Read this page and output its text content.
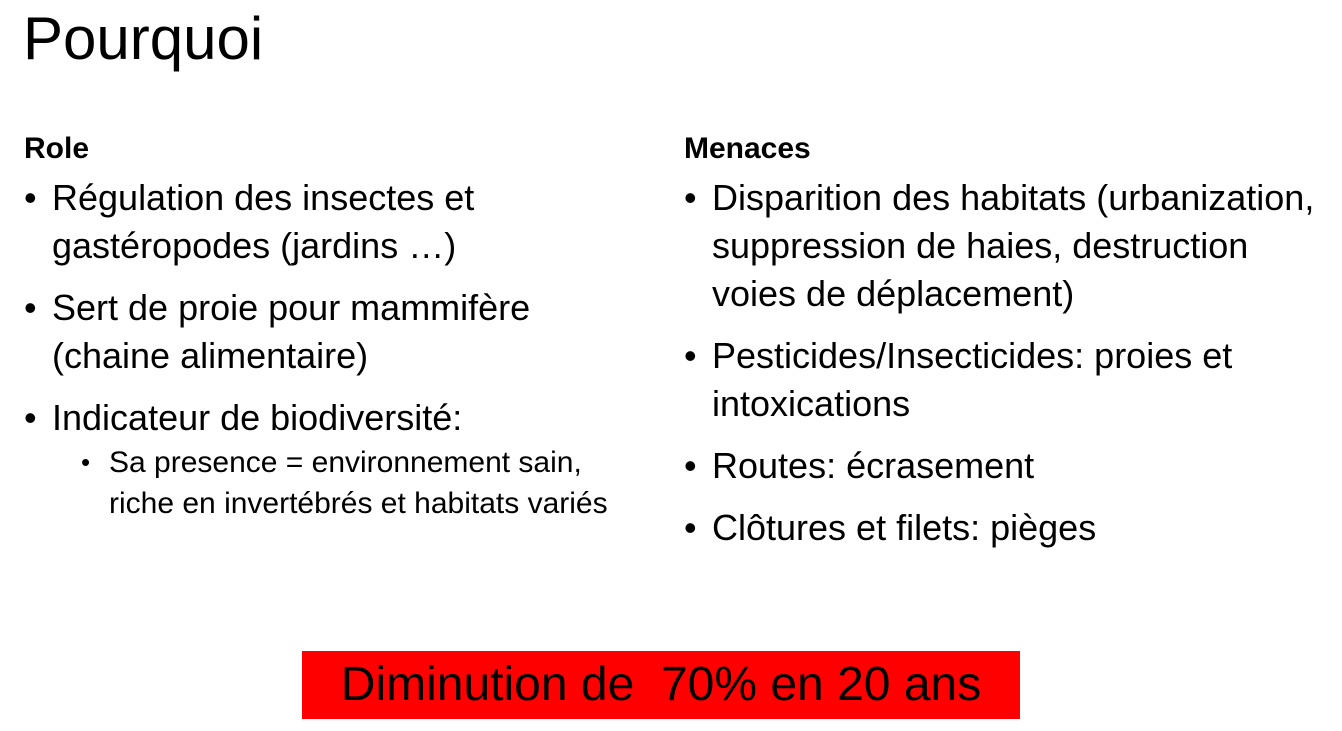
Pourquoi
Role
• Régulation des insectes et gastéropodes (jardins …)
• Sert de proie pour mammifère (chaine alimentaire)
• Indicateur de biodiversité:
• Sa presence = environnement sain, riche en invertébrés et habitats variés
Menaces
• Disparition des habitats (urbanization, suppression de haies, destruction voies de déplacement)
• Pesticides/Insecticides: proies et intoxications
• Routes: écrasement
• Clôtures et filets: pièges
Diminution de  70% en 20 ans
